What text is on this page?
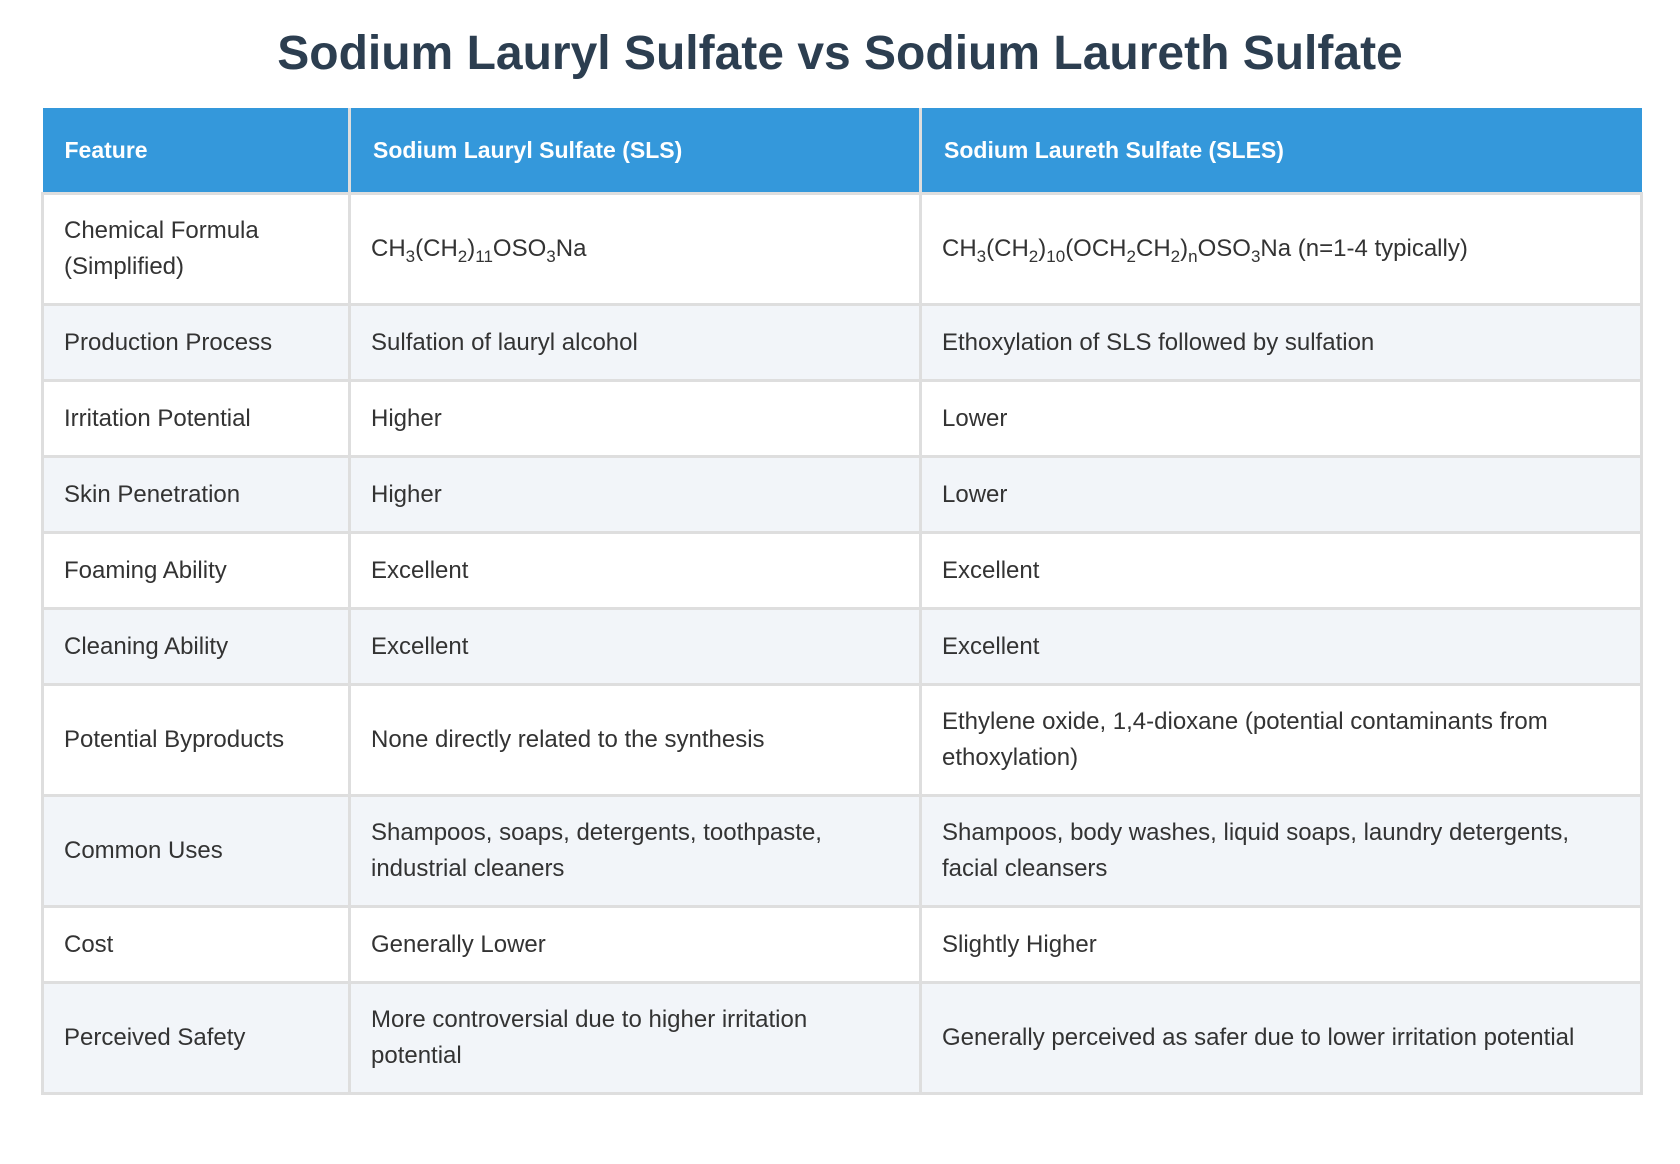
Sodium Lauryl Sulfate vs Sodium Laureth Sulfate
Feature	Sodium Lauryl Sulfate (SLS)	Sodium Laureth Sulfate (SLES)
Chemical Formula (Simplified)	$CH_3(CH_2)_{11}OSO_3Na$	$CH_3(CH_2)_{10}(OCH_2CH_2)_nOSO_3Na$ (n=1-4 typically)
Production Process	Sulfation of lauryl alcohol	Ethoxylation of SLS followed by sulfation
Irritation Potential	Higher	Lower
Skin Penetration	Higher	Lower
Foaming Ability	Excellent	Excellent
Cleaning Ability	Excellent	Excellent
Potential Byproducts	None directly related to the synthesis	Ethylene oxide, 1,4-dioxane (potential contaminants from ethoxylation)
Common Uses	Shampoos, soaps, detergents, toothpaste, industrial cleaners	Shampoos, body washes, liquid soaps, laundry detergents, facial cleansers
Cost	Generally Lower	Slightly Higher
Perceived Safety	More controversial due to higher irritation potential	Generally perceived as safer due to lower irritation potential
